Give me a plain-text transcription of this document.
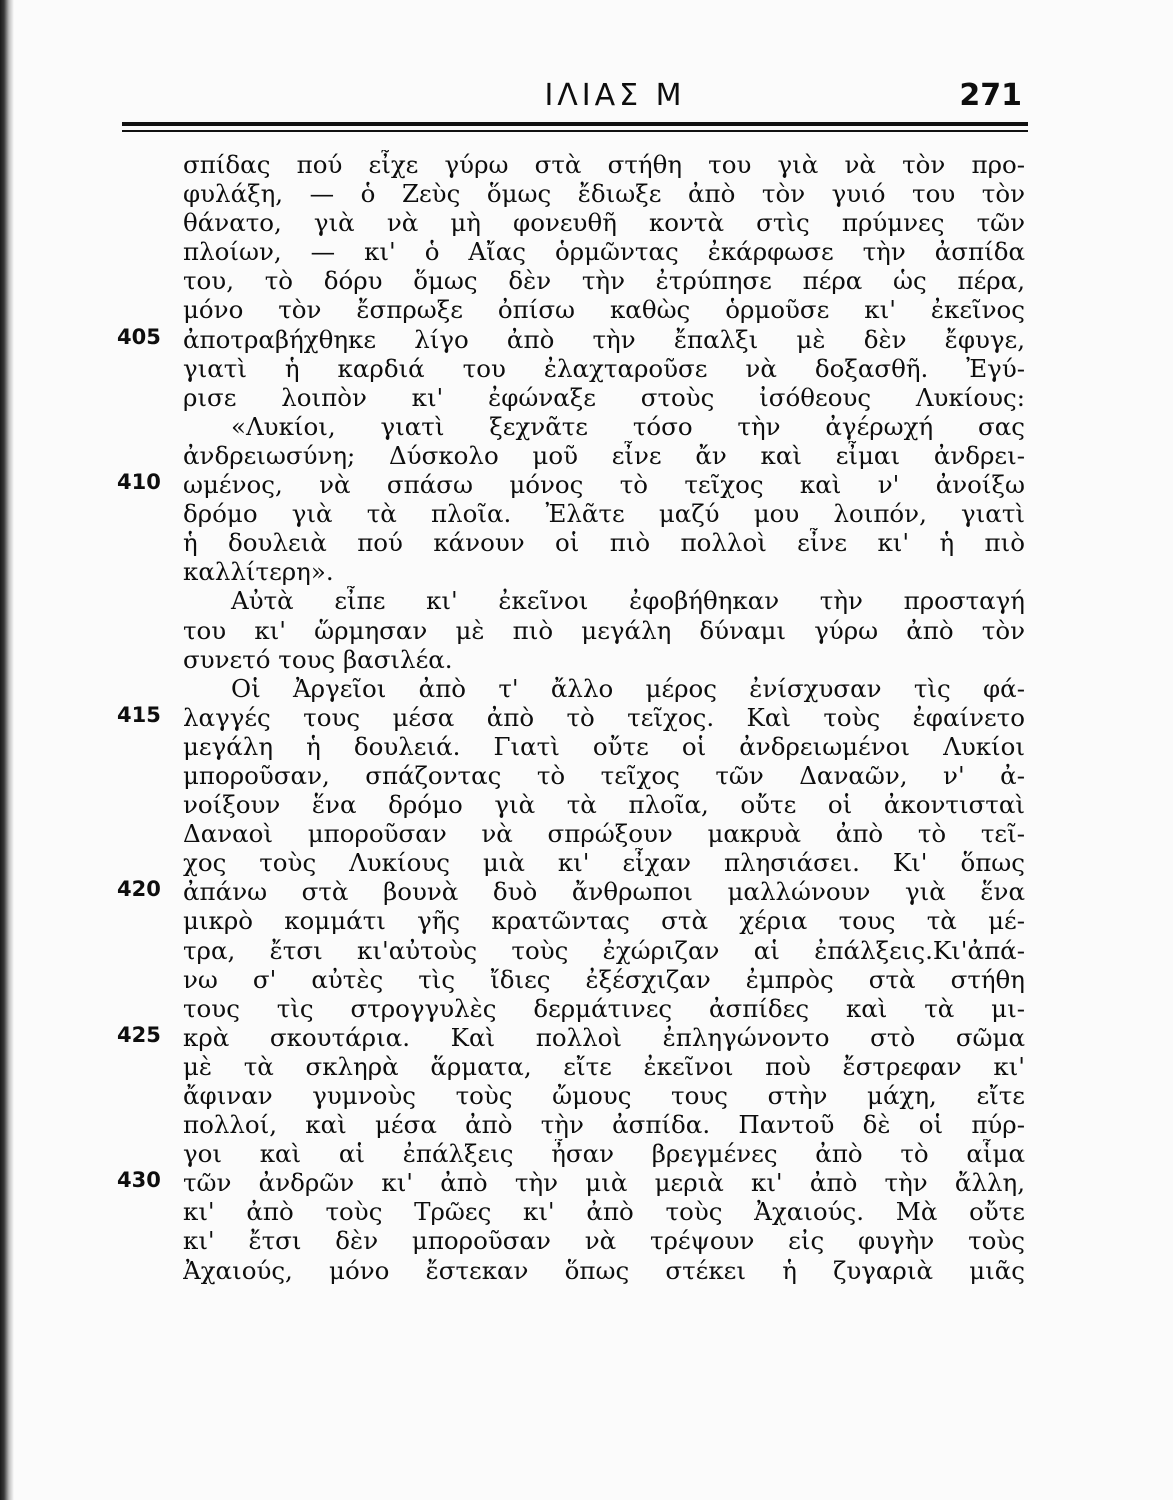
ΙΛΙΑΣ Μ	271
405
410
415
420
425
430
σπίδας πού εἶχε γύρω στὰ στήθη του γιὰ νὰ τὸν προ-
φυλάξη, — ὁ Ζεὺς ὅμως ἔδιωξε ἀπὸ τὸν γυιό του τὸν
θάνατο, γιὰ νὰ μὴ φονευθῆ κοντὰ στὶς πρύμνες τῶν
πλοίων, — κι' ὁ Αἴας ὁρμῶντας ἐκάρφωσε τὴν ἀσπίδα
του, τὸ δόρυ ὅμως δὲν τὴν ἐτρύπησε πέρα ὡς πέρα,
μόνο τὸν ἔσπρωξε ὀπίσω καθὼς ὁρμοῦσε κι' ἐκεῖνος
ἀποτραβήχθηκε λίγο ἀπὸ τὴν ἔπαλξι μὲ δὲν ἔφυγε,
γιατὶ ἡ καρδιά του ἐλαχταροῦσε νὰ δοξασθῆ. Ἐγύ-
ρισε λοιπὸν κι' ἐφώναξε στοὺς ἰσόθεους Λυκίους:
«Λυκίοι, γιατὶ ξεχνᾶτε τόσο τὴν ἀγέρωχή σας
ἀνδρειωσύνη; Δύσκολο μοῦ εἶνε ἄν καὶ εἶμαι ἀνδρει-
ωμένος, νὰ σπάσω μόνος τὸ τεῖχος καὶ ν' ἀνοίξω
δρόμο γιὰ τὰ πλοῖα. Ἐλᾶτε μαζύ μου λοιπόν, γιατὶ
ἡ δουλειὰ πού κάνουν οἱ πιὸ πολλοὶ εἶνε κι' ἡ πιὸ
καλλίτερη».
Αὐτὰ εἶπε κι' ἐκεῖνοι ἐφοβήθηκαν τὴν προσταγή
του κι' ὥρμησαν μὲ πιὸ μεγάλη δύναμι γύρω ἀπὸ τὸν
συνετό τους βασιλέα.
Οἱ Ἀργεῖοι ἀπὸ τ' ἄλλο μέρος ἐνίσχυσαν τὶς φά-
λαγγές τους μέσα ἀπὸ τὸ τεῖχος. Καὶ τοὺς ἐφαίνετο
μεγάλη ἡ δουλειά. Γιατὶ οὔτε οἱ ἀνδρειωμένοι Λυκίοι
μποροῦσαν, σπάζοντας τὸ τεῖχος τῶν Δαναῶν, ν' ἀ-
νοίξουν ἕνα δρόμο γιὰ τὰ πλοῖα, οὔτε οἱ ἀκοντισταὶ
Δαναοὶ μποροῦσαν νὰ σπρώξουν μακρυὰ ἀπὸ τὸ τεῖ-
χος τοὺς Λυκίους μιὰ κι' εἶχαν πλησιάσει. Κι' ὅπως
ἀπάνω στὰ βουνὰ δυὸ ἄνθρωποι μαλλώνουν γιὰ ἕνα
μικρὸ κομμάτι γῆς κρατῶντας στὰ χέρια τους τὰ μέ-
τρα, ἔτσι κι'αὐτοὺς τοὺς ἐχώριζαν αἱ ἐπάλξεις.Κι'ἀπά-
νω σ' αὐτὲς τὶς ἴδιες ἐξέσχιζαν ἐμπρὸς στὰ στήθη
τους τὶς στρογγυλὲς δερμάτινες ἀσπίδες καὶ τὰ μι-
κρὰ σκουτάρια. Καὶ πολλοὶ ἐπληγώνοντο στὸ σῶμα
μὲ τὰ σκληρὰ ἅρματα, εἴτε ἐκεῖνοι ποὺ ἔστρεφαν κι'
ἄφιναν γυμνοὺς τοὺς ὤμους τους στὴν μάχη, εἴτε
πολλοί, καὶ μέσα ἀπὸ τὴν ἀσπίδα. Παντοῦ δὲ οἱ πύρ-
γοι καὶ αἱ ἐπάλξεις ἦσαν βρεγμένες ἀπὸ τὸ αἷμα
τῶν ἀνδρῶν κι' ἀπὸ τὴν μιὰ μεριὰ κι' ἀπὸ τὴν ἄλλη,
κι' ἀπὸ τοὺς Τρῶες κι' ἀπὸ τοὺς Ἀχαιούς. Μὰ οὔτε
κι' ἔτσι δὲν μποροῦσαν νὰ τρέψουν εἰς φυγὴν τοὺς
Ἀχαιούς, μόνο ἔστεκαν ὅπως στέκει ἡ ζυγαριὰ μιᾶς
